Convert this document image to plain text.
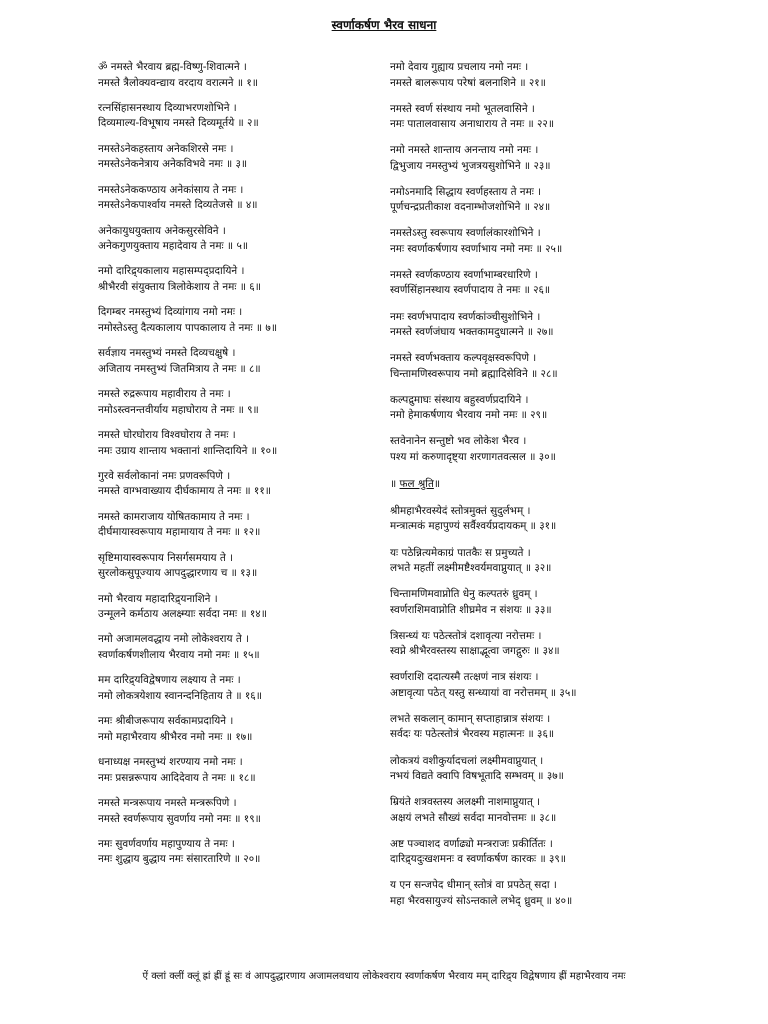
स्वर्णाकर्षण भैरव साधना
ॐ नमस्ते भैरवाय ब्रह्म-विष्णु-शिवात्मने ।
नमस्ते त्रैलोक्यवन्द्याय वरदाय वरात्मने ॥ १॥
रत्नसिंहासनस्थाय दिव्याभरणशोभिने ।
दिव्यमाल्य-विभूषाय नमस्ते दिव्यमूर्तये ॥ २॥
नमस्तेऽनेकहस्ताय अनेकशिरसे नमः ।
नमस्तेऽनेकनेत्राय अनेकविभवे नमः ॥ ३॥
नमस्तेऽनेककण्ठाय अनेकांसाय ते नमः ।
नमस्तेऽनेकपार्श्वाय नमस्ते दिव्यतेजसे ॥ ४॥
अनेकायुधयुक्ताय अनेकसुरसेविने ।
अनेकगुणयुक्ताय महादेवाय ते नमः ॥ ५॥
नमो दारिद्र्यकालाय महासम्पद्प्रदायिने ।
श्रीभैरवी संयुक्ताय त्रिलोकेशाय ते नमः ॥ ६॥
दिगम्बर नमस्तुभ्यं दिव्यांगाय नमो नमः ।
नमोस्तेऽस्तु दैत्यकालाय पापकालाय ते नमः ॥ ७॥
सर्वज्ञाय नमस्तुभ्यं नमस्ते दिव्यचक्षुषे ।
अजिताय नमस्तुभ्यं जितमित्राय ते नमः ॥ ८॥
नमस्ते रुद्ररूपाय महावीराय ते नमः ।
नमोऽस्त्वनन्तवीर्याय महाघोराय ते नमः ॥ ९॥
नमस्ते घोरघोराय विश्वघोराय ते नमः ।
नमः उग्राय शान्ताय भक्तानां शान्तिदायिने ॥ १०॥
गुरवे सर्वलोकानां नमः प्रणवरूपिणे ।
नमस्ते वाग्भवाख्याय दीर्घकामाय ते नमः ॥ ११॥
नमस्ते कामराजाय योषितकामाय ते नमः ।
दीर्घमायास्वरूपाय महामायाय ते नमः ॥ १२॥
सृष्टिमायास्वरूपाय निसर्गसमयाय ते ।
सुरलोकसुपूज्याय आपदुद्धारणाय च ॥ १३॥
नमो भैरवाय महादारिद्र्यनाशिने ।
उन्मूलने कर्मठाय अलक्ष्म्याः सर्वदा नमः ॥ १४॥
नमो अजामलवद्धाय नमो लोकेश्वराय ते ।
स्वर्णाकर्षणशीलाय भैरवाय नमो नमः ॥ १५॥
मम दारिद्र्यविद्वेषणाय लक्ष्याय ते नमः ।
नमो लोकत्रयेशाय स्वानन्दनिहिताय ते ॥ १६॥
नमः श्रीबीजरूपाय सर्वकामप्रदायिने ।
नमो महाभैरवाय श्रीभैरव नमो नमः ॥ १७॥
धनाध्यक्ष नमस्तुभ्यं शरण्याय नमो नमः ।
नमः प्रसन्नरूपाय आदिदेवाय ते नमः ॥ १८॥
नमस्ते मन्त्ररूपाय नमस्ते मन्त्ररूपिणे ।
नमस्ते स्वर्णरूपाय सुवर्णाय नमो नमः ॥ १९॥
नमः सुवर्णवर्णाय महापुण्याय ते नमः ।
नमः शुद्धाय बुद्धाय नमः संसारतारिणे ॥ २०॥
नमो देवाय गुह्याय प्रचलाय नमो नमः ।
नमस्ते बालरूपाय परेषां बलनाशिने ॥ २१॥
नमस्ते स्वर्ण संस्थाय नमो भूतलवासिने ।
नमः पातालवासाय अनाधाराय ते नमः ॥ २२॥
नमो नमस्ते शान्ताय अनन्ताय नमो नमः ।
द्विभुजाय नमस्तुभ्यं भुजत्रयसुशोभिने ॥ २३॥
नमोऽनमादि सिद्धाय स्वर्णहस्ताय ते नमः ।
पूर्णचन्द्रप्रतीकाश वदनाम्भोजशोभिने ॥ २४॥
नमस्तेऽस्तु स्वरूपाय स्वर्णालंकारशोभिने ।
नमः स्वर्णाकर्षणाय स्वर्णाभाय नमो नमः ॥ २५॥
नमस्ते स्वर्णकण्ठाय स्वर्णाभाम्बरधारिणे ।
स्वर्णसिंहानस्थाय स्वर्णपादाय ते नमः ॥ २६॥
नमः स्वर्णभपादाय स्वर्णकांञ्चीसुशोभिने ।
नमस्ते स्वर्णजंघाय भक्तकामदुधात्मने ॥ २७॥
नमस्ते स्वर्णभक्ताय कल्पवृक्षस्वरूपिणे ।
चिन्तामणिस्वरूपाय नमो ब्रह्मादिसेविने ॥ २८॥
कल्पद्रुमाघः संस्थाय बहुस्वर्णप्रदायिने ।
नमो हेमाकर्षणाय भैरवाय नमो नमः ॥ २९॥
स्तवेनानेन सन्तुष्टो भव लोकेश भैरव ।
पश्य मां करुणादृष्ट्या शरणागतवत्सल ॥ ३०॥
॥ फल श्रुति॥
श्रीमहाभैरवस्येदं स्तोत्रमुक्तं सुदुर्लभम् ।
मन्त्रात्मकं महापुण्यं सर्वैश्वर्यप्रदायकम् ॥ ३१॥
यः पठेन्नित्यमेकाग्रं पातकैः स प्रमुच्यते ।
लभते महतीं लक्ष्मीमष्टैश्वर्यमवाप्नुयात् ॥ ३२॥
चिन्तामणिमवाप्नोति धेनु कल्पतरुं ध्रुवम् ।
स्वर्णराशिमवाप्नोति शीघ्रमेव न संशयः ॥ ३३॥
त्रिसन्ध्यं यः पठेत्स्तोत्रं दशावृत्या नरोत्तमः ।
स्वप्ने श्रीभैरवस्तस्य साक्षाद्भूत्वा जगद्गुरुः ॥ ३४॥
स्वर्णराशि ददात्यस्मै तत्क्षणं नात्र संशयः ।
अष्टावृत्या पठेत् यस्तु सन्ध्यायां वा नरोत्तमम् ॥ ३५॥
लभते सकलान् कामान् सप्ताहान्नात्र संशयः ।
सर्वदः यः पठेत्स्तोत्रं भैरवस्य महात्मनः ॥ ३६॥
लोकत्रयं वशीकुर्यादचलां लक्ष्मीमवाप्नुयात् ।
नभयं विद्यते क्वापि विषभूतादि सम्भवम् ॥ ३७॥
म्रियंते शत्रवस्तस्य अलक्ष्मी नाशमाप्नुयात् ।
अक्षयं लभते सौख्यं सर्वदा मानवोत्तमः ॥ ३८॥
अष्ट पञ्चाशद वर्णाढ्यो मन्त्रराजः प्रकीर्तितः ।
दारिद्र्यदुःखशमनः व स्वर्णाकर्षण कारकः ॥ ३९॥
य एन सन्जपेद धीमान् स्तोत्रं वा प्रपठेत् सदा ।
महा भैरवसायुज्यं सोऽन्तकाले लभेद् ध्रुवम् ॥ ४०॥
ऐं क्लां क्लीं क्लूं ह्रां ह्रीं ह्रूं सः वं आपदुद्धारणाय अजामलवधाय लोकेश्वराय स्वर्णाकर्षण भैरवाय मम् दारिद्र्य विद्वेषणाय ह्रीं महाभैरवाय नमः
